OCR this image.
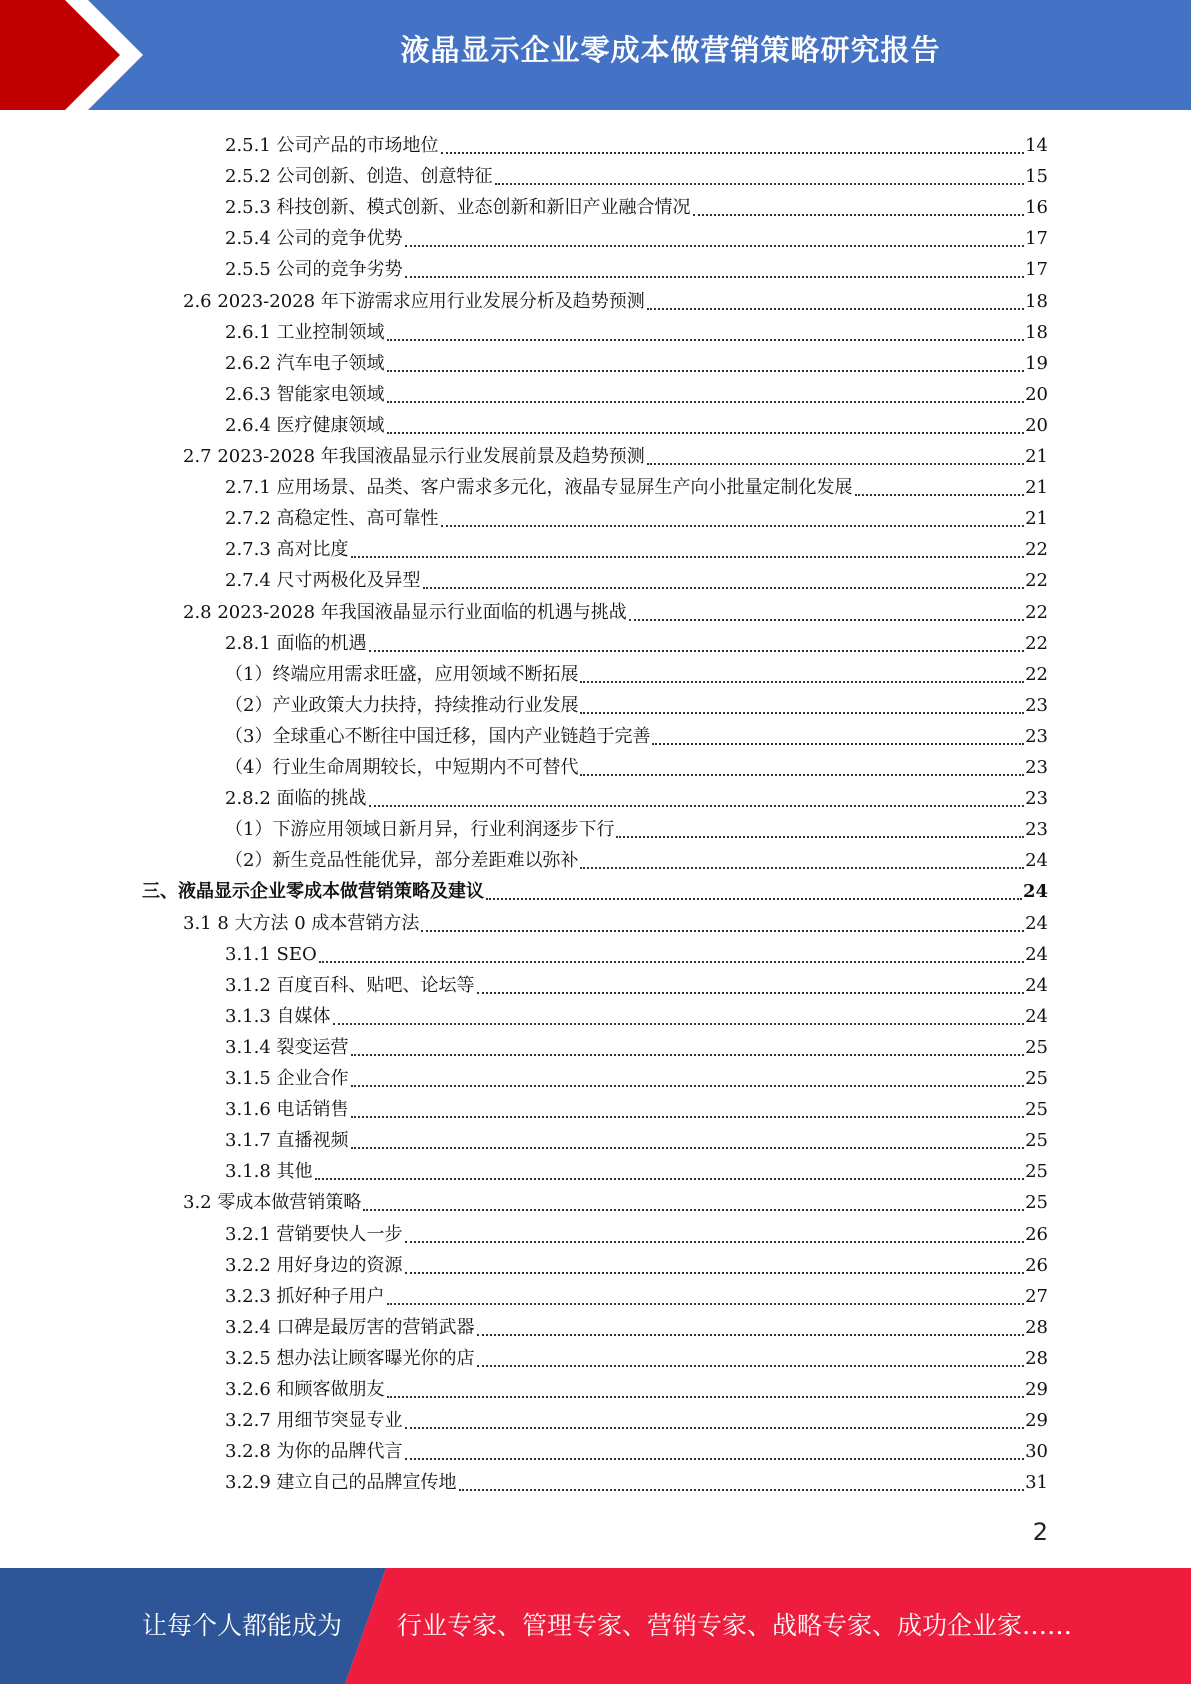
液晶显示企业零成本做营销策略研究报告
2.5.1 公司产品的市场地位	14
2.5.2 公司创新、创造、创意特征	15
2.5.3 科技创新、模式创新、业态创新和新旧产业融合情况	16
2.5.4 公司的竞争优势	17
2.5.5 公司的竞争劣势	17
2.6 2023-2028 年下游需求应用行业发展分析及趋势预测	18
2.6.1 工业控制领域	18
2.6.2 汽车电子领域	19
2.6.3 智能家电领域	20
2.6.4 医疗健康领域	20
2.7 2023-2028 年我国液晶显示行业发展前景及趋势预测	21
2.7.1 应用场景、品类、客户需求多元化，液晶专显屏生产向小批量定制化发展	21
2.7.2 高稳定性、高可靠性	21
2.7.3 高对比度	22
2.7.4 尺寸两极化及异型	22
2.8 2023-2028 年我国液晶显示行业面临的机遇与挑战	22
2.8.1 面临的机遇	22
（1）终端应用需求旺盛，应用领域不断拓展	22
（2）产业政策大力扶持，持续推动行业发展	23
（3）全球重心不断往中国迁移，国内产业链趋于完善	23
（4）行业生命周期较长，中短期内不可替代	23
2.8.2 面临的挑战	23
（1）下游应用领域日新月异，行业利润逐步下行	23
（2）新生竞品性能优异，部分差距难以弥补	24
三、液晶显示企业零成本做营销策略及建议	24
3.1 8 大方法 0 成本营销方法	24
3.1.1 SEO	24
3.1.2 百度百科、贴吧、论坛等	24
3.1.3 自媒体	24
3.1.4 裂变运营	25
3.1.5 企业合作	25
3.1.6 电话销售	25
3.1.7 直播视频	25
3.1.8 其他	25
3.2 零成本做营销策略	25
3.2.1 营销要快人一步	26
3.2.2 用好身边的资源	26
3.2.3 抓好种子用户	27
3.2.4 口碑是最厉害的营销武器	28
3.2.5 想办法让顾客曝光你的店	28
3.2.6 和顾客做朋友	29
3.2.7 用细节突显专业	29
3.2.8 为你的品牌代言	30
3.2.9 建立自己的品牌宣传地	31
2
让每个人都能成为 行业专家、管理专家、营销专家、战略专家、成功企业家……
